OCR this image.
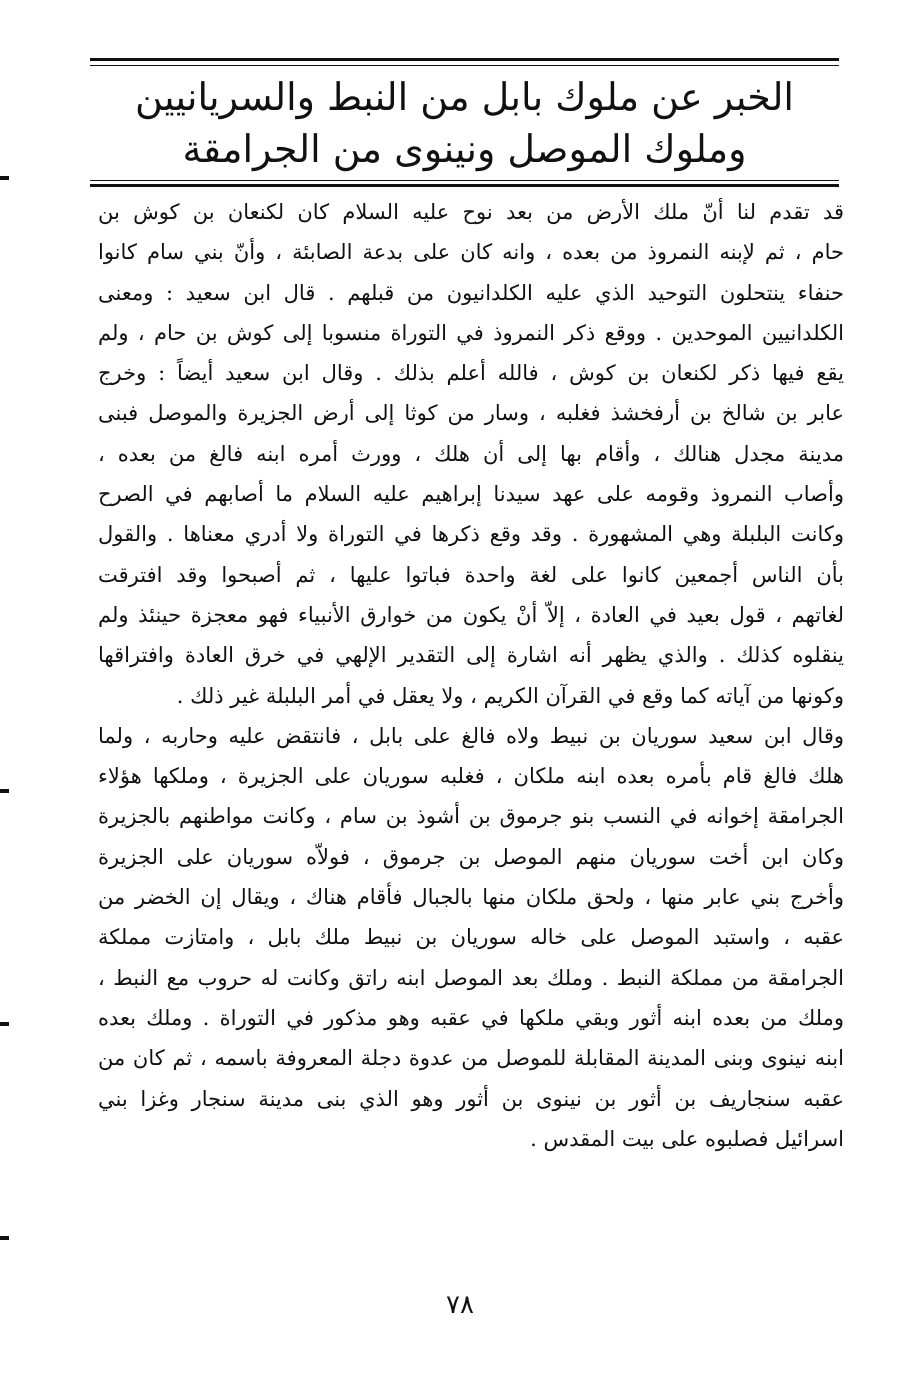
الخبر عن ملوك بابل من النبط والسريانيين
وملوك الموصل ونينوى من الجرامقة
قد تقدم لنا أنّ ملك الأرض من بعد نوح عليه السلام كان لكنعان بن كوش بن
حام ، ثم لإبنه النمروذ من بعده ، وانه كان على بدعة الصابئة ، وأنّ بني سام كانوا
حنفاء ينتحلون التوحيد الذي عليه الكلدانيون من قبلهم . قال ابن سعيد : ومعنى
الكلدانيين الموحدين . ووقع ذكر النمروذ في التوراة منسوبا إلى كوش بن حام ، ولم
يقع فيها ذكر لكنعان بن كوش ، فالله أعلم بذلك . وقال ابن سعيد أيضاً : وخرج
عابر بن شالخ بن أرفخشذ فغلبه ، وسار من كوثا إلى أرض الجزيرة والموصل فبنى
مدينة مجدل هنالك ، وأقام بها إلى أن هلك ، وورث أمره ابنه فالغ من بعده ،
وأصاب النمروذ وقومه على عهد سيدنا إبراهيم عليه السلام ما أصابهم في الصرح
وكانت البلبلة وهي المشهورة . وقد وقع ذكرها في التوراة ولا أدري معناها . والقول
بأن الناس أجمعين كانوا على لغة واحدة فباتوا عليها ، ثم أصبحوا وقد افترقت
لغاتهم ، قول بعيد في العادة ، إلاّ أنْ يكون من خوارق الأنبياء فهو معجزة حينئذ ولم
ينقلوه كذلك . والذي يظهر أنه اشارة إلى التقدير الإلهي في خرق العادة وافتراقها
وكونها من آياته كما وقع في القرآن الكريم ، ولا يعقل في أمر البلبلة غير ذلك .
وقال ابن سعيد سوريان بن نبيط ولاه فالغ على بابل ، فانتقض عليه وحاربه ، ولما
هلك فالغ قام بأمره بعده ابنه ملكان ، فغلبه سوريان على الجزيرة ، وملكها هؤلاء
الجرامقة إخوانه في النسب بنو جرموق بن أشوذ بن سام ، وكانت مواطنهم بالجزيرة
وكان ابن أخت سوريان منهم الموصل بن جرموق ، فولاّه سوريان على الجزيرة
وأخرج بني عابر منها ، ولحق ملكان منها بالجبال فأقام هناك ، ويقال إن الخضر من
عقبه ، واستبد الموصل على خاله سوريان بن نبيط ملك بابل ، وامتازت مملكة
الجرامقة من مملكة النبط . وملك بعد الموصل ابنه راتق وكانت له حروب مع النبط ،
وملك من بعده ابنه أثور وبقي ملكها في عقبه وهو مذكور في التوراة . وملك بعده
ابنه نينوى وبنى المدينة المقابلة للموصل من عدوة دجلة المعروفة باسمه ، ثم كان من
عقبه سنجاريف بن أثور بن نينوى بن أثور وهو الذي بنى مدينة سنجار وغزا بني
اسرائيل فصلبوه على بيت المقدس .
٧٨
